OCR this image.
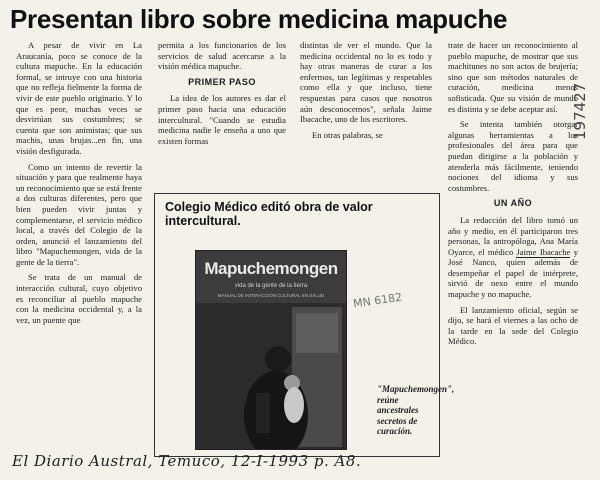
Presentan libro sobre medicina mapuche

A pesar de vivir en La Araucanía, poco se conoce de la cultura mapuche. En la educación formal, se intruye con una historia que no refleja fielmente la forma de vivir de este pueblo originario. Y lo que es peor, muchas veces se desvirtúan sus costumbres; se cuenta que son animistas; que sus machis, unas brujas...en fin, una visión desfigurada.

Como un intento de revertir la situación y para que realmente haya un reconocimiento que se está frente a dos culturas diferentes, pero que bien pueden vivir juntas y complementarse, el servicio médico local, a través del Colegio de la orden, anunció el lanzamiento del libro "Mapuchemongen, vida de la gente de la tierra".

Se trata de un manual de interacción cultural, cuyo objetivo es reconciliar al pueblo mapuche con la medicina occidental y, a la vez, un puente que

permita a los funcionarios de los servicios de salud acercarse a la visión médica mapuche.

PRIMER PASO

La idea de los autores es dar el primer paso hacia una educación intercultural. "Cuando se estudia medicina nadie le enseña a uno que existen formas

distintas de ver el mundo. Que la medicina occidental no lo es todo y hay otras maneras de curar a los enfermos, tan legítimas y respetables como ella y que incluso, tiene respuestas para casos que nosotros aún desconocemos", señala Jaime Ibacache, uno de los escritores.

En otras palabras, se

trate de hacer un reconocimiento al pueblo mapuche, de mostrar que sus machitunes no son actos de brujería; sino que son métodos naturales de curación, medicina menos sofisticada. Que su visión de mundo es distinta y se debe aceptar así.

Se intenta también otorgar algunas herramientas a los profesionales del área para que puedan dirigirse a la población y atenderla más fácilmente, teniendo nociones del idioma y sus costumbres.

UN AÑO

La redacción del libro tomó un año y medio, en él participaron tres personas, la antropóloga, Ana María Oyarce, el médico Jaime Ibacache y José Nanco, quien además de desempeñar el papel de intérprete, sirvió de nexo entre el mundo mapuche y no mapuche.

El lanzamiento oficial, según se dijo, se hará el viernes a las ocho de la tarde en la sede del Colegio Médico.

Colegio Médico editó obra de valor intercultural.
Mapuchemongen
vida de la gente de la tierra
MANUAL DE INTERACCION CULTURAL EN SALUD	MN 6182
"Mapuchemongen", reúne ancestrales secretos de curación.
197427
El Diario Austral, Temuco, 12-I-1993 p. A8.
